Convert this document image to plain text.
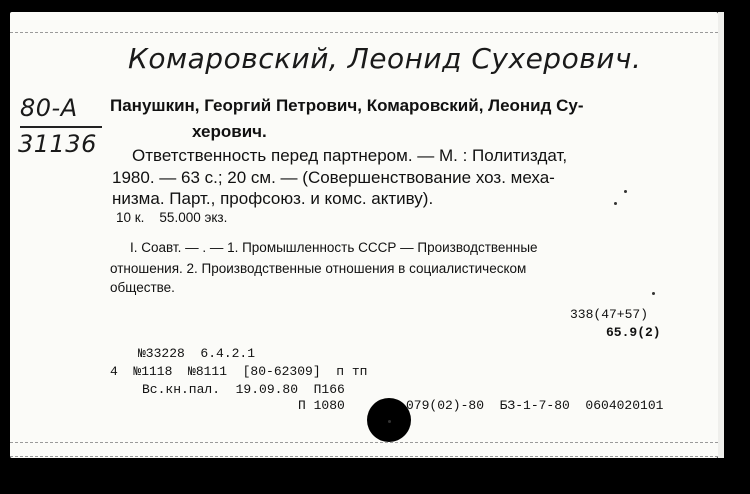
Комаровский, Леонид Сухерович.
80-А
31136
Панушкин, Георгий Петрович, Комаровский, Леонид Су-
херович.
Ответственность перед партнером. — М. : Политиздат,
1980. — 63 с.; 20 см. — (Совершенствование хоз. меха-
низма. Парт., профсоюз. и комс. активу).
10 к.    55.000 экз.
I. Соавт. — . — 1. Промышленность СССР — Производственные
отношения. 2. Производственные отношения в социалистическом
обществе.
338(47+57)
65.9(2)
№33228  6.4.2.1
4  №1118  №8111  [80-62309]  п тп
Вс.кн.пал.  19.09.80  П166
П 1080	079(02)-80  БЗ-1-7-80  0604020101
